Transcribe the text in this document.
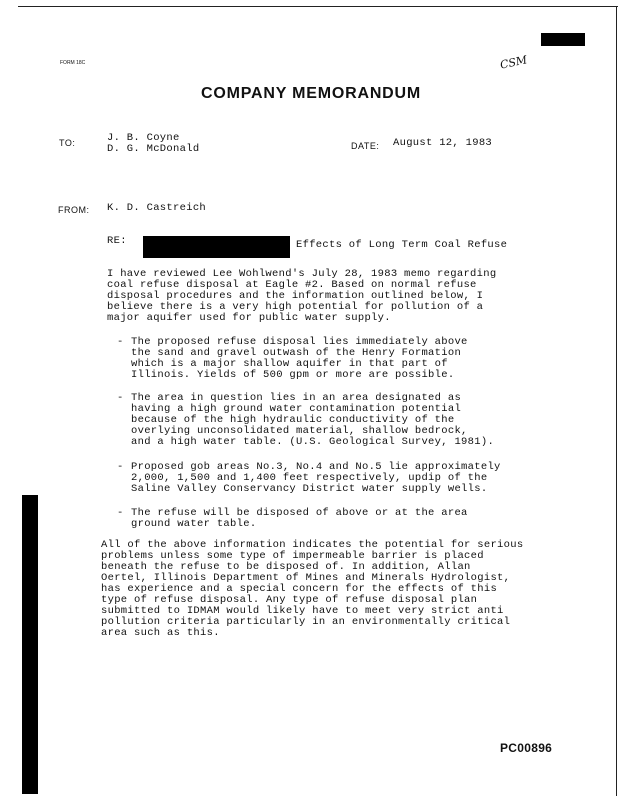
FORM 18C	CSM
COMPANY MEMORANDUM
TO:	J. B. Coyne
D. G. McDonald	DATE: August 12, 1983
FROM: K. D. Castreich
RE:	Effects of Long Term Coal Refuse
I have reviewed Lee Wohlwend's July 28, 1983 memo regarding
coal refuse disposal at Eagle #2. Based on normal refuse
disposal procedures and the information outlined below, I
believe there is a very high potential for pollution of a
major aquifer used for public water supply.
- The proposed refuse disposal lies immediately above
the sand and gravel outwash of the Henry Formation
which is a major shallow aquifer in that part of
Illinois. Yields of 500 gpm or more are possible.
- The area in question lies in an area designated as
having a high ground water contamination potential
because of the high hydraulic conductivity of the
overlying unconsolidated material, shallow bedrock,
and a high water table. (U.S. Geological Survey, 1981).
- Proposed gob areas No.3, No.4 and No.5 lie approximately
2,000, 1,500 and 1,400 feet respectively, updip of the
Saline Valley Conservancy District water supply wells.
- The refuse will be disposed of above or at the area
ground water table.
All of the above information indicates the potential for serious
problems unless some type of impermeable barrier is placed
beneath the refuse to be disposed of. In addition, Allan
Oertel, Illinois Department of Mines and Minerals Hydrologist,
has experience and a special concern for the effects of this
type of refuse disposal. Any type of refuse disposal plan
submitted to IDMAM would likely have to meet very strict anti
pollution criteria particularly in an environmentally critical
area such as this.
PC00896
